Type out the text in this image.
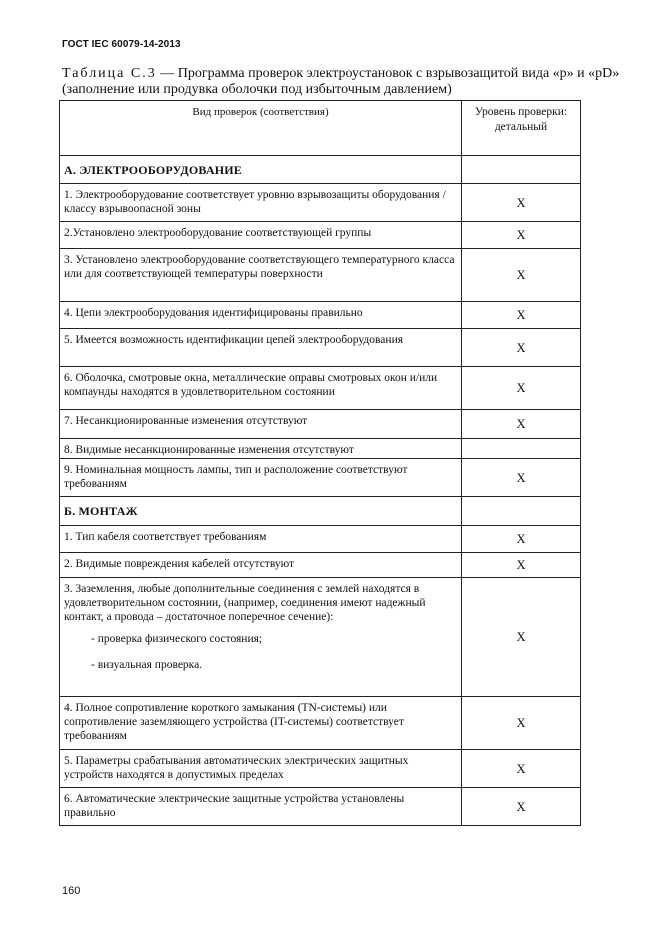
ГОСТ IEC 60079-14-2013
Таблица С.3 — Программа проверок электроустановок с взрывозащитой вида «р» и «pD» (заполнение или продувка оболочки под избыточным давлением)
Вид проверок (соответствия)	Уровень проверки: детальный
А. ЭЛЕКТРООБОРУДОВАНИЕ	
1. Электрооборудование соответствует уровню взрывозащиты оборудования / классу взрывоопасной зоны	X
2.Установлено электрооборудование соответствующей группы	X
3. Установлено электрооборудование соответствующего температурного класса или для соответствующей температуры поверхности	X
4. Цепи электрооборудования идентифицированы правильно	X
5. Имеется возможность идентификации цепей электрооборудования	X
6. Оболочка, смотровые окна, металлические оправы смотровых окон и/или компаунды находятся в удовлетворительном состоянии	X
7. Несанкционированные изменения отсутствуют	X
8. Видимые несанкционированные изменения отсутствуют	
9. Номинальная мощность лампы, тип и расположение соответствуют требованиям	X
Б. МОНТАЖ	
1. Тип кабеля соответствует требованиям	X
2. Видимые повреждения кабелей отсутствуют	X

3. Заземления, любые дополнительные соединения с землей находятся в удовлетворительном состоянии, (например, соединения имеют надежный контакт, а провода – достаточное поперечное сечение):
- проверка физического состояния;
- визуальная проверка.	X
4. Полное сопротивление короткого замыкания (TN-системы) или сопротивление заземляющего устройства (IT-системы) соответствует требованиям	X
5. Параметры срабатывания автоматических электрических защитных устройств находятся в допустимых пределах	X
6. Автоматические электрические защитные устройства установлены правильно	X
160
